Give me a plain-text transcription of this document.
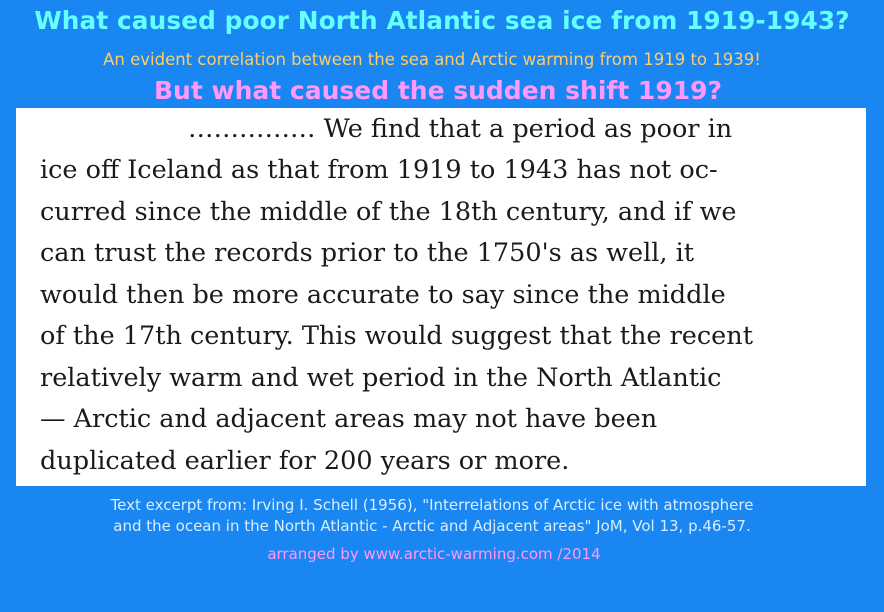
What caused poor North Atlantic sea ice from 1919-1943?
An evident correlation between the sea and Arctic warming from 1919 to 1939!
But what caused the sudden shift 1919?
…………… We find that a period as poor in
ice off Iceland as that from 1919 to 1943 has not oc-
curred since the middle of the 18th century, and if we
can trust the records prior to the 1750's as well, it
would then be more accurate to say since the middle
of the 17th century. This would suggest that the recent
relatively warm and wet period in the North Atlantic
— Arctic and adjacent areas may not have been
duplicated earlier for 200 years or more.
Text excerpt from: Irving I. Schell (1956), "Interrelations of Arctic ice with atmosphere
and the ocean in the North Atlantic - Arctic and Adjacent areas" JoM, Vol 13, p.46-57.
arranged by www.arctic-warming.com /2014
